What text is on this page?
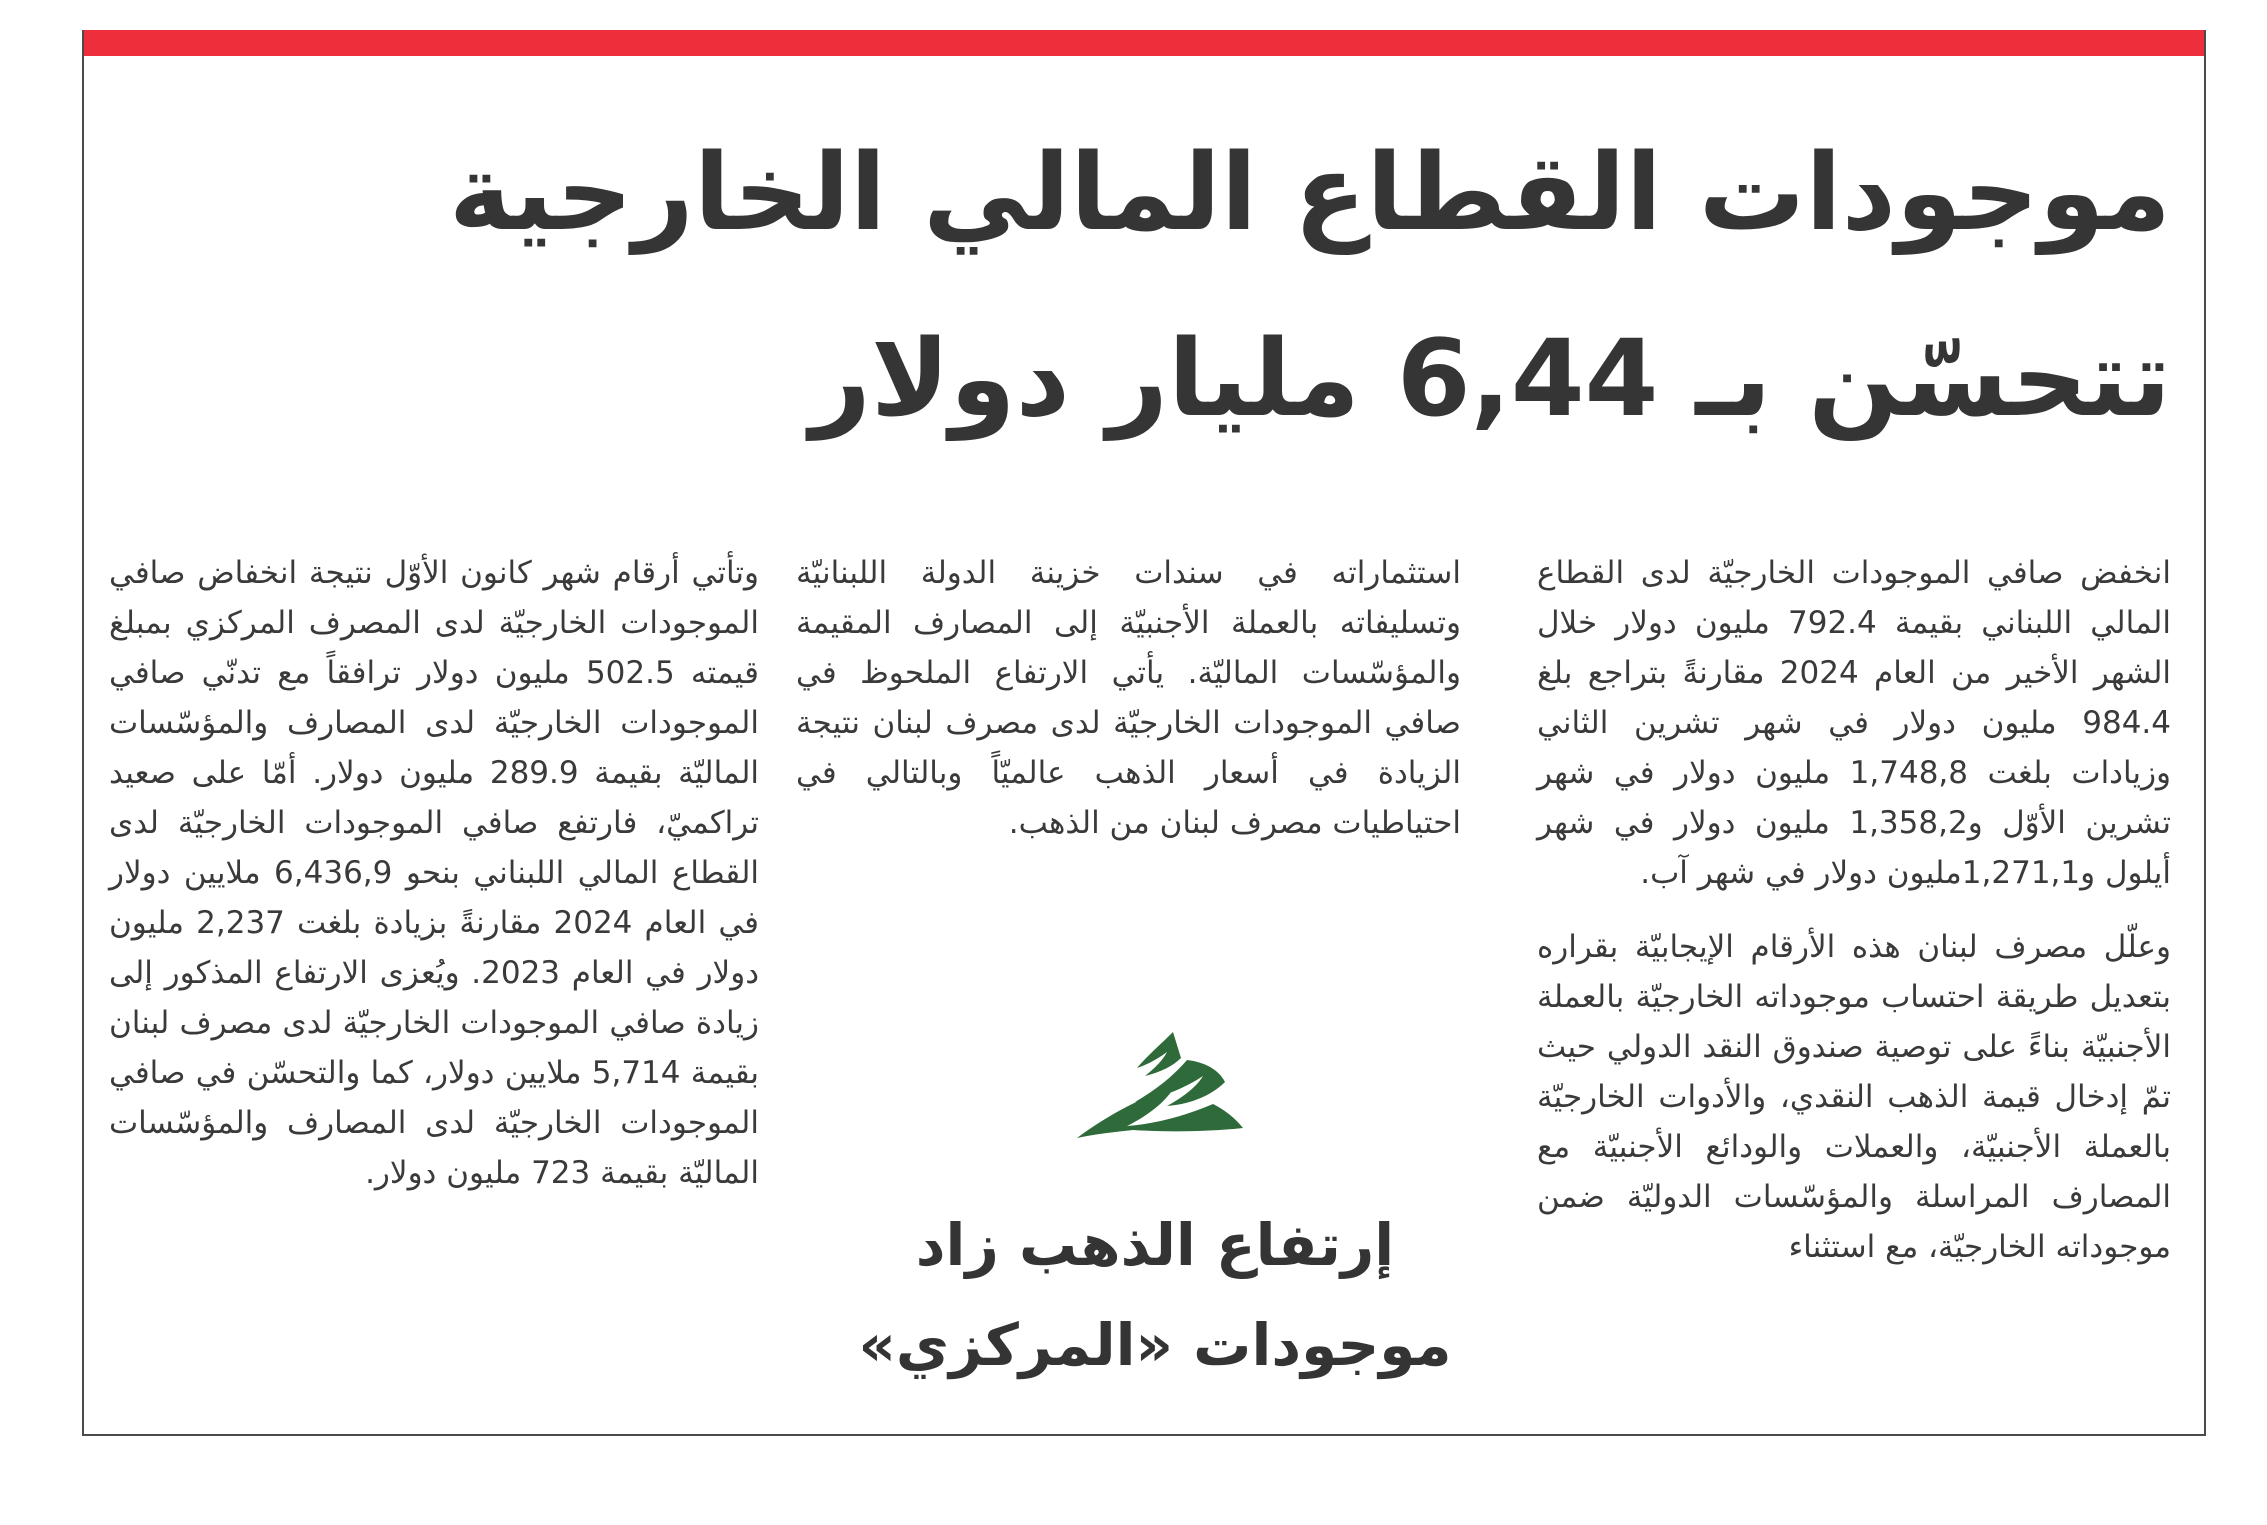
موجودات القطاع المالي الخارجية
تتحسّن بـ 6,44 مليار دولار

انخفض صافي الموجودات الخارجيّة لدى القطاع المالي اللبناني بقيمة 792.4 مليون دولار خلال الشهر الأخير من العام 2024 مقارنةً بتراجع بلغ 984.4 مليون دولار في شهر تشرين الثاني وزيادات بلغت 1,748,8 مليون دولار في شهر تشرين الأوّل و1,358,2 مليون دولار في شهر أيلول و1,271,1مليون دولار في شهر آب.

وعلّل مصرف لبنان هذه الأرقام الإيجابيّة بقراره بتعديل طريقة احتساب موجوداته الخارجيّة بالعملة الأجنبيّة بناءً على توصية صندوق النقد الدولي حيث تمّ إدخال قيمة الذهب النقدي، والأدوات الخارجيّة بالعملة الأجنبيّة، والعملات والودائع الأجنبيّة مع المصارف المراسلة والمؤسّسات الدوليّة ضمن موجوداته الخارجيّة، مع استثناء

استثماراته في سندات خزينة الدولة اللبنانيّة وتسليفاته بالعملة الأجنبيّة إلى المصارف المقيمة والمؤسّسات الماليّة. يأتي الارتفاع الملحوظ في صافي الموجودات الخارجيّة لدى مصرف لبنان نتيجة الزيادة في أسعار الذهب عالميّاً وبالتالي في احتياطيات مصرف لبنان من الذهب.

وتأتي أرقام شهر كانون الأوّل نتيجة انخفاض صافي الموجودات الخارجيّة لدى المصرف المركزي بمبلغ قيمته 502.5 مليون دولار ترافقاً مع تدنّي صافي الموجودات الخارجيّة لدى المصارف والمؤسّسات الماليّة بقيمة 289.9 مليون دولار. أمّا على صعيد تراكميّ، فارتفع صافي الموجودات الخارجيّة لدى القطاع المالي اللبناني بنحو 6,436,9 ملايين دولار في العام 2024 مقارنةً بزيادة بلغت 2,237 مليون دولار في العام 2023. ويُعزى الارتفاع المذكور إلى زيادة صافي الموجودات الخارجيّة لدى مصرف لبنان بقيمة 5,714 ملايين دولار، كما والتحسّن في صافي الموجودات الخارجيّة لدى المصارف والمؤسّسات الماليّة بقيمة 723 مليون دولار.

إرتفاع الذهب زاد
موجودات «المركزي»
